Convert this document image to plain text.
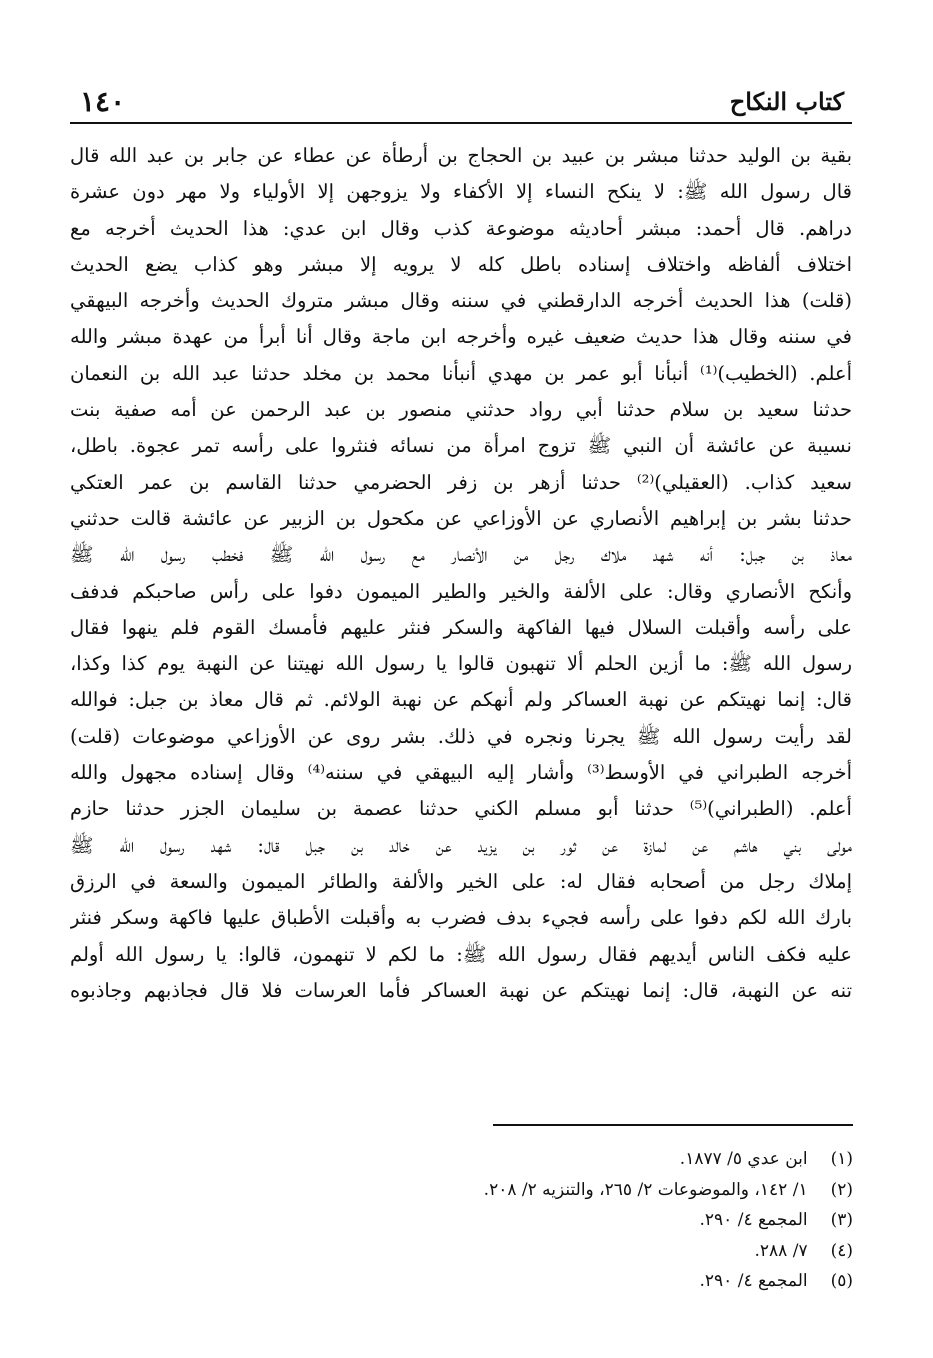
كتاب النكاح
١٤٠
بقية بن الوليد حدثنا مبشر بن عبيد بن الحجاج بن أرطأة عن عطاء عن جابر بن عبد الله قال
قال رسول الله ﷺ: لا ينكح النساء إلا الأكفاء ولا يزوجهن إلا الأولياء ولا مهر دون عشرة
دراهم. قال أحمد: مبشر أحاديثه موضوعة كذب وقال ابن عدي: هذا الحديث أخرجه مع
اختلاف ألفاظه واختلاف إسناده باطل كله لا يرويه إلا مبشر وهو كذاب يضع الحديث
(قلت) هذا الحديث أخرجه الدارقطني في سننه وقال مبشر متروك الحديث وأخرجه البيهقي
في سننه وقال هذا حديث ضعيف غيره وأخرجه ابن ماجة وقال أنا أبرأ من عهدة مبشر والله
أعلم. (الخطيب)⁽¹⁾ أنبأنا أبو عمر بن مهدي أنبأنا محمد بن مخلد حدثنا عبد الله بن النعمان
حدثنا سعيد بن سلام حدثنا أبي رواد حدثني منصور بن عبد الرحمن عن أمه صفية بنت
نسيبة عن عائشة أن النبي ﷺ تزوج امرأة من نسائه فنثروا على رأسه تمر عجوة. باطل،
سعيد كذاب. (العقيلي)⁽²⁾ حدثنا أزهر بن زفر الحضرمي حدثنا القاسم بن عمر العتكي
حدثنا بشر بن إبراهيم الأنصاري عن الأوزاعي عن مكحول بن الزبير عن عائشة قالت حدثني
معاذ بن جبل: أنه شهد ملاك رجل من الأنصار مع رسول الله ﷺ فخطب رسول الله ﷺ
وأنكح الأنصاري وقال: على الألفة والخير والطير الميمون دفوا على رأس صاحبكم فدفف
على رأسه وأقبلت السلال فيها الفاكهة والسكر فنثر عليهم فأمسك القوم فلم ينهوا فقال
رسول الله ﷺ: ما أزين الحلم ألا تنهبون قالوا يا رسول الله نهيتنا عن النهبة يوم كذا وكذا،
قال: إنما نهيتكم عن نهبة العساكر ولم أنهكم عن نهبة الولائم. ثم قال معاذ بن جبل: فوالله
لقد رأيت رسول الله ﷺ يجرنا ونجره في ذلك. بشر روى عن الأوزاعي موضوعات (قلت)
أخرجه الطبراني في الأوسط⁽³⁾ وأشار إليه البيهقي في سننه⁽⁴⁾ وقال إسناده مجهول والله
أعلم. (الطبراني)⁽⁵⁾ حدثنا أبو مسلم الكني حدثنا عصمة بن سليمان الجزر حدثنا حازم
مولى بني هاشم عن لمازة عن ثور بن يزيد عن خالد بن جبل قال: شهد رسول الله ﷺ
إملاك رجل من أصحابه فقال له: على الخير والألفة والطائر الميمون والسعة في الرزق
بارك الله لكم دفوا على رأسه فجيء بدف فضرب به وأقبلت الأطباق عليها فاكهة وسكر فنثر
عليه فكف الناس أيديهم فقال رسول الله ﷺ: ما لكم لا تنهمون، قالوا: يا رسول الله أولم
تنه عن النهبة، قال: إنما نهيتكم عن نهبة العساكر فأما العرسات فلا قال فجاذبهم وجاذبوه
(١) ابن عدي ٥/ ١٨٧٧.
(٢) ١/ ١٤٢، والموضوعات ٢/ ٢٦٥، والتنزيه ٢/ ٢٠٨.
(٣) المجمع ٤/ ٢٩٠.
(٤) ٧/ ٢٨٨.
(٥) المجمع ٤/ ٢٩٠.
